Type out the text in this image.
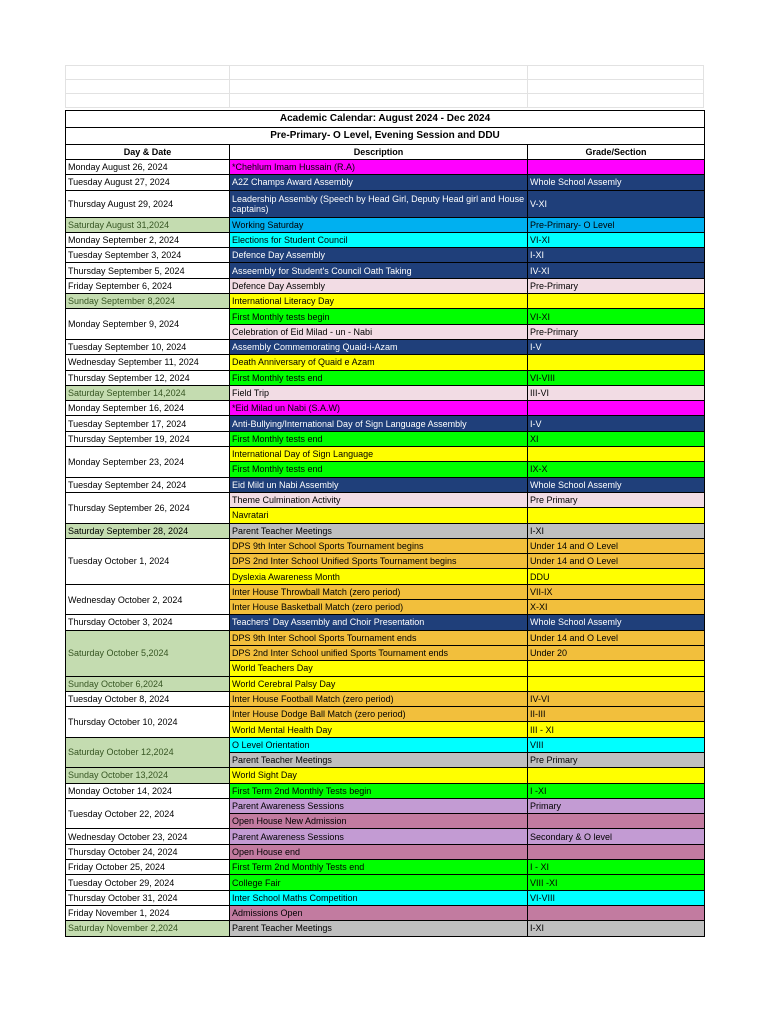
Academic Calendar: August 2024 - Dec 2024		
Pre-Primary- O Level, Evening Session and DDU		
Day & Date	Description	Grade/Section
Monday August 26, 2024	*Chehlum Imam Hussain (R.A)	
Tuesday August 27, 2024	A2Z Champs Award Assembly	Whole School Assemly
Thursday August 29, 2024	Leadership Assembly (Speech by Head Girl, Deputy Head girl and House captains)	V-XI
Saturday August 31,2024	Working Saturday	Pre-Primary- O Level
Monday September 2, 2024	Elections for Student Council	VI-XI
Tuesday September 3, 2024	Defence Day Assembly	I-XI
Thursday September 5, 2024	Asseembly for Student's Council Oath Taking	IV-XI
Friday September 6, 2024	Defence Day Assembly	Pre-Primary
Sunday September 8,2024	International Literacy Day	
Monday September 9, 2024	First Monthly tests begin	VI-XI
	Celebration of Eid Milad - un - Nabi	Pre-Primary
Tuesday September 10, 2024	Assembly Commemorating Quaid-i-Azam	I-V
Wednesday September 11, 2024	Death Anniversary of Quaid e Azam	
Thursday September 12, 2024	First Monthly tests end	VI-VIII
Saturday September 14,2024	Field Trip	III-VI
Monday September 16, 2024	*Eid Milad un Nabi (S.A.W)	
Tuesday September 17, 2024	Anti-Bullying/International Day of Sign Language Assembly	I-V
Thursday September 19, 2024	First Monthly tests end	XI
Monday September 23, 2024	International Day of Sign Language	
	First Monthly tests end	IX-X
Tuesday September 24, 2024	Eid Mild un Nabi Assembly	Whole School Assemly
Thursday September 26, 2024	Theme Culmination Activity	Pre Primary
	Navratari	
Saturday September 28, 2024	Parent Teacher Meetings	I-XI
Tuesday October 1, 2024	DPS 9th Inter School Sports Tournament begins	Under 14 and O Level
	DPS 2nd Inter School Unified Sports Tournament begins	Under 14 and O Level
	Dyslexia Awareness Month	DDU
Wednesday October 2, 2024	Inter House Throwball Match (zero period)	VII-IX
	Inter House Basketball Match (zero period)	X-XI
Thursday October 3, 2024	Teachers' Day Assembly and Choir Presentation	Whole School Assemly
Saturday October 5,2024	DPS 9th Inter School Sports Tournament ends	Under 14 and O Level
	DPS 2nd Inter School unified Sports Tournament ends	Under 20
	World Teachers Day	
Sunday October 6,2024	World Cerebral Palsy Day	
Tuesday October 8, 2024	Inter House Football Match (zero period)	IV-VI
Thursday October 10, 2024	Inter House Dodge Ball Match (zero period)	II-III
	World Mental Health Day	III - XI
Saturday October 12,2024	O Level Orientation	VIII
	Parent Teacher Meetings	Pre Primary
Sunday October 13,2024	World Sight Day	
Monday October 14, 2024	First Term 2nd Monthly Tests begin	I -XI
Tuesday October 22, 2024	Parent Awareness Sessions	Primary
	Open House New Admission	
Wednesday October 23, 2024	Parent Awareness Sessions	Secondary & O level
Thursday October 24, 2024	Open House end	
Friday October 25, 2024	First Term 2nd Monthly Tests end	I - XI
Tuesday October 29, 2024	College Fair	VIII -XI
Thursday October 31, 2024	Inter School Maths Competition	VI-VIII
Friday November 1, 2024	Admissions Open	
Saturday November 2,2024	Parent Teacher Meetings	I-XI
